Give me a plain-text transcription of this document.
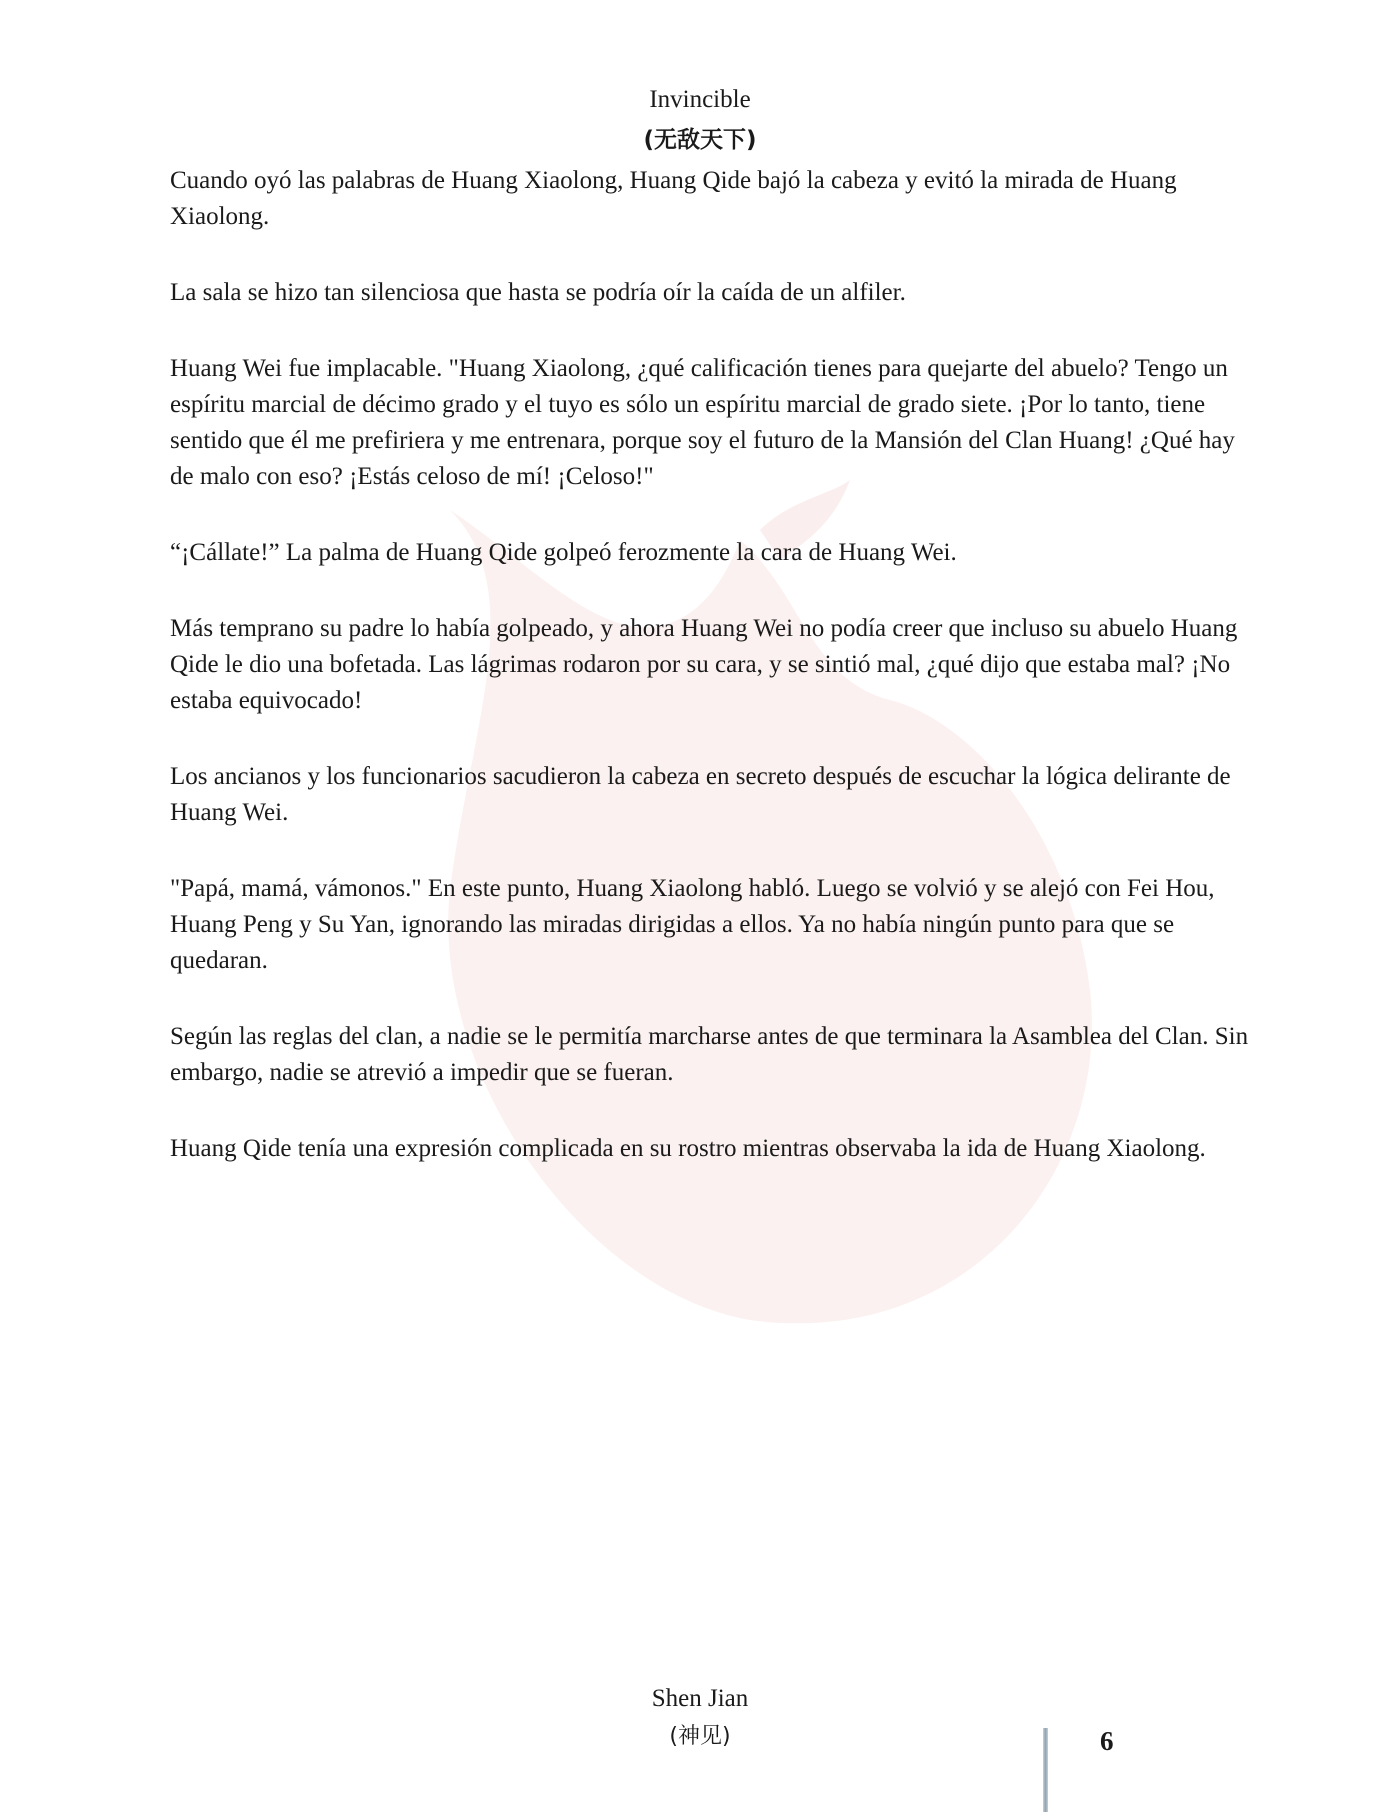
Invincible
(无敌天下)

Cuando oyó las palabras de Huang Xiaolong, Huang Qide bajó la cabeza y evitó la mirada de Huang Xiaolong.

La sala se hizo tan silenciosa que hasta se podría oír la caída de un alfiler.

Huang Wei fue implacable. "Huang Xiaolong, ¿qué calificación tienes para quejarte del abuelo? Tengo un espíritu marcial de décimo grado y el tuyo es sólo un espíritu marcial de grado siete. ¡Por lo tanto, tiene sentido que él me prefiriera y me entrenara, porque soy el futuro de la Mansión del Clan Huang! ¿Qué hay de malo con eso? ¡Estás celoso de mí! ¡Celoso!"

“¡Cállate!” La palma de Huang Qide golpeó ferozmente la cara de Huang Wei.

Más temprano su padre lo había golpeado, y ahora Huang Wei no podía creer que incluso su abuelo Huang Qide le dio una bofetada. Las lágrimas rodaron por su cara, y se sintió mal, ¿qué dijo que estaba mal? ¡No estaba equivocado!

Los ancianos y los funcionarios sacudieron la cabeza en secreto después de escuchar la lógica delirante de Huang Wei.

"Papá, mamá, vámonos." En este punto, Huang Xiaolong habló. Luego se volvió y se alejó con Fei Hou, Huang Peng y Su Yan, ignorando las miradas dirigidas a ellos. Ya no había ningún punto para que se quedaran.

Según las reglas del clan, a nadie se le permitía marcharse antes de que terminara la Asamblea del Clan. Sin embargo, nadie se atrevió a impedir que se fueran.

Huang Qide tenía una expresión complicada en su rostro mientras observaba la ida de Huang Xiaolong.

Shen Jian
(神见)	6
